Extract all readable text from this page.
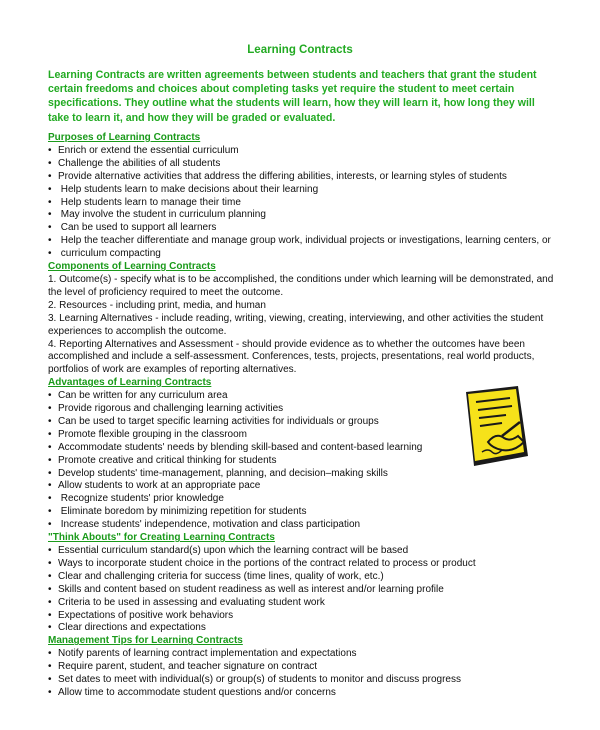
Learning Contracts
Learning Contracts are written agreements between students and teachers that grant the student certain freedoms and choices about completing tasks yet require the student to meet certain specifications. They outline what the students will learn, how they will learn it, how long they will take to learn it, and how they will be graded or evaluated.
Purposes of Learning Contracts
• Enrich or extend the essential curriculum
• Challenge the abilities of all students
• Provide alternative activities that address the differing abilities, interests, or learning styles of students
• Help students learn to make decisions about their learning
• Help students learn to manage their time
• May involve the student in curriculum planning
• Can be used to support all learners
• Help the teacher differentiate and manage group work, individual projects or investigations, learning centers, or
• curriculum compacting
Components of Learning Contracts
1. Outcome(s) - specify what is to be accomplished, the conditions under which learning will be demonstrated, and the level of proficiency required to meet the outcome.
2. Resources - including print, media, and human
3. Learning Alternatives - include reading, writing, viewing, creating, interviewing, and other activities the student experiences to accomplish the outcome.
4. Reporting Alternatives and Assessment - should provide evidence as to whether the outcomes have been accomplished and include a self-assessment. Conferences, tests, projects, presentations, real world products, portfolios of work are examples of reporting alternatives.
Advantages of Learning Contracts
• Can be written for any curriculum area
• Provide rigorous and challenging learning activities
• Can be used to target specific learning activities for individuals or groups
• Promote flexible grouping in the classroom
• Accommodate students' needs by blending skill-based and content-based learning
• Promote creative and critical thinking for students
• Develop students' time-management, planning, and decision–making skills
• Allow students to work at an appropriate pace
• Recognize students' prior knowledge
• Eliminate boredom by minimizing repetition for students
• Increase students' independence, motivation and class participation
"Think Abouts" for Creating Learning Contracts
• Essential curriculum standard(s) upon which the learning contract will be based
• Ways to incorporate student choice in the portions of the contract related to process or product
• Clear and challenging criteria for success (time lines, quality of work, etc.)
• Skills and content based on student readiness as well as interest and/or learning profile
• Criteria to be used in assessing and evaluating student work
• Expectations of positive work behaviors
• Clear directions and expectations
Management Tips for Learning Contracts
• Notify parents of learning contract implementation and expectations
• Require parent, student, and teacher signature on contract
• Set dates to meet with individual(s) or group(s) of students to monitor and discuss progress
• Allow time to accommodate student questions and/or concerns
